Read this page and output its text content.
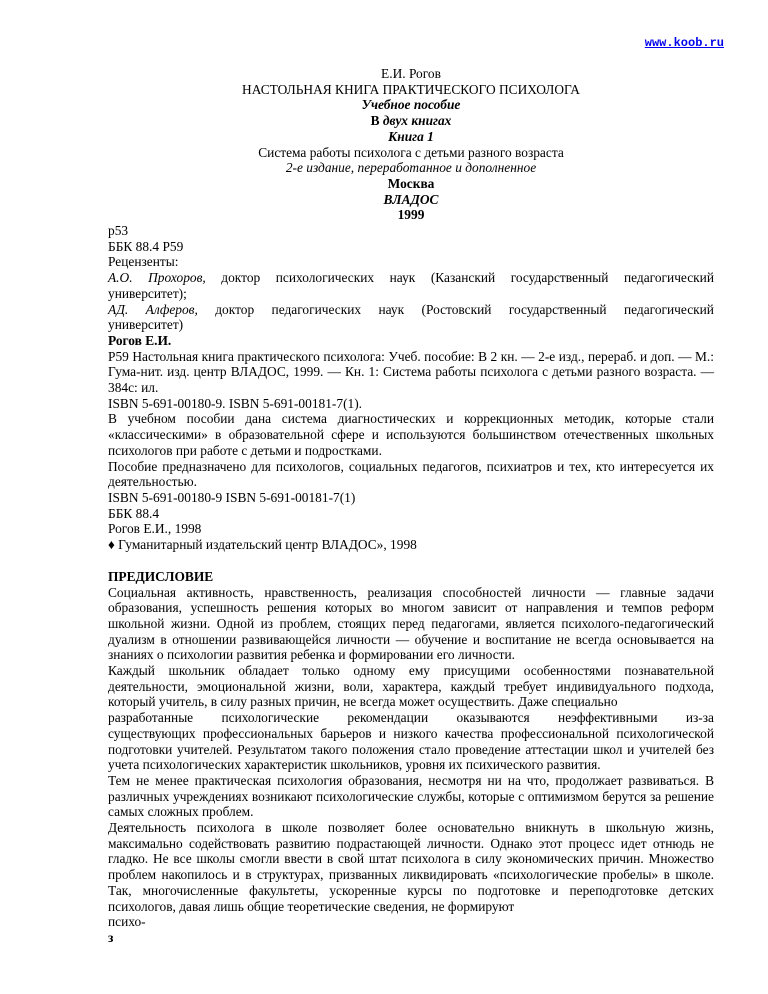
www.koob.ru

Е.И. Рогов

НАСТОЛЬНАЯ КНИГА ПРАКТИЧЕСКОГО ПСИХОЛОГА

Учебное пособие

В двух книгах

Книга 1

Система работы психолога с детьми разного возраста

2-е издание, переработанное и дополненное

Москва

ВЛАДОС

1999

р53

ББК 88.4 Р59

Рецензенты:

А.О. Прохоров, доктор психологических наук (Казанский государственный педагогический

университет);

АД. Алферов, доктор педагогических наук (Ростовский государственный педагогический

университет)

Рогов Е.И.

Р59 Настольная книга практического психолога: Учеб. пособие: В 2 кн. — 2-е изд., перераб. и доп. — М.: Гума-нит. изд. центр ВЛАДОС, 1999. — Кн. 1: Система работы психолога с детьми разного возраста. — 384с: ил.

ISBN 5-691-00180-9. ISBN 5-691-00181-7(1).

В учебном пособии дана система диагностических и коррекционных методик, которые стали «классическими» в образовательной сфере и используются большинством отечественных школьных психологов при работе с детьми и подростками.

Пособие предназначено для психологов, социальных педагогов, психиатров и тех, кто интересуется их деятельностью.

ISBN 5-691-00180-9 ISBN 5-691-00181-7(1)

ББК 88.4

Рогов Е.И., 1998

♦ Гуманитарный издательский центр ВЛАДОС», 1998

ПРЕДИСЛОВИЕ

Социальная активность, нравственность, реализация способностей личности — главные задачи образования, успешность решения которых во многом зависит от направления и темпов реформ школьной жизни. Одной из проблем, стоящих перед педагогами, является психолого-педагогический дуализм в отношении развивающейся личности — обучение и воспитание не всегда основывается на знаниях о психологии развития ребенка и формировании его личности.

Каждый школьник обладает только одному ему присущими особенностями познавательной деятельности, эмоциональной жизни, воли, характера, каждый требует индивидуального подхода, который учитель, в силу разных причин, не всегда может осуществить. Даже специально

разработанные психологические рекомендации оказываются неэффективными из-за

существующих профессиональных барьеров и низкого качества профессиональной психологической подготовки учителей. Результатом такого положения стало проведение аттестации школ и учителей без учета психологических характеристик школьников, уровня их психического развития.

Тем не менее практическая психология образования, несмотря ни на что, продолжает развиваться. В различных учреждениях возникают психологические службы, которые с оптимизмом берутся за решение самых сложных проблем.

Деятельность психолога в школе позволяет более основательно вникнуть в школьную жизнь, максимально содействовать развитию подрастающей личности. Однако этот процесс идет отнюдь не гладко. Не все школы смогли ввести в свой штат психолога в силу экономических причин. Множество проблем накопилось и в структурах, призванных ликвидировать «психологические пробелы» в школе. Так, многочисленные факультеты, ускоренные курсы по подготовке и переподготовке детских психологов, давая лишь общие теоретические сведения, не формируют

психо-

з
